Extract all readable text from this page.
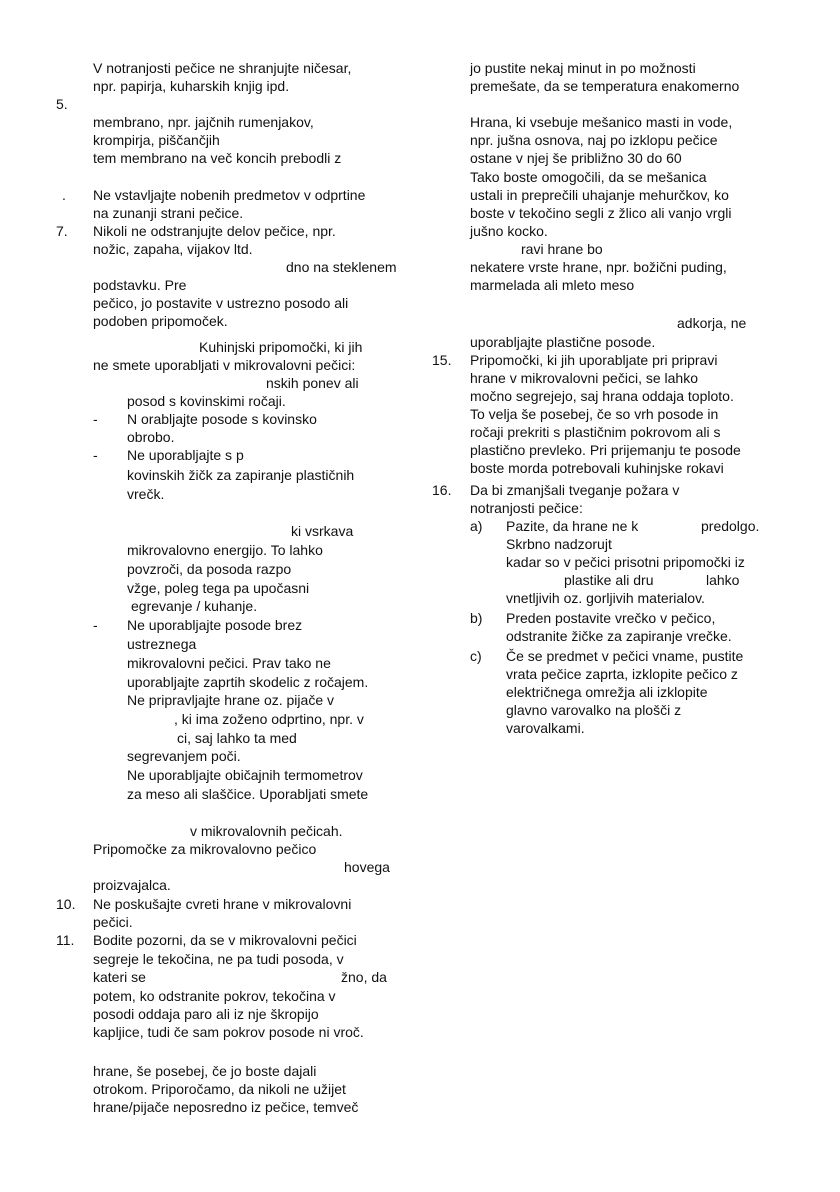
V notranjosti pečice ne shranjujte ničesar,
npr. papirja, kuharskih knjig ipd.
membrano, npr. jajčnih rumenjakov,
krompirja, piščančjih
tem membrano na več koncih prebodli z
Ne vstavljajte nobenih predmetov v odprtine
na zunanji strani pečice.
Nikoli ne odstranjujte delov pečice, npr.
nožic, zapaha, vijakov ltd.
dno na steklenem
podstavku. Pre
pečico, jo postavite v ustrezno posodo ali
podoben pripomoček.
Kuhinjski pripomočki, ki jih
ne smete uporabljati v mikrovalovni pečici:
nskih ponev ali
posod s kovinskimi ročaji.
N orabljajte posode s kovinsko
obrobo.
Ne uporabljajte s p
kovinskih žičk za zapiranje plastičnih
vrečk.
ki vsrkava
mikrovalovno energijo. To lahko
povzroči, da posoda razpo
vžge, poleg tega pa upočasni
egrevanje / kuhanje.
Ne uporabljajte posode brez
ustreznega
mikrovalovni pečici. Prav tako ne
uporabljajte zaprtih skodelic z ročajem.
Ne pripravljajte hrane oz. pijače v
, ki ima zoženo odprtino, npr. v
ci, saj lahko ta med
segrevanjem poči.
Ne uporabljajte običajnih termometrov
za meso ali slaščice. Uporabljati smete
v mikrovalovnih pečicah.
Pripomočke za mikrovalovno pečico
hovega
proizvajalca.
Ne poskušajte cvreti hrane v mikrovalovni
pečici.
Bodite pozorni, da se v mikrovalovni pečici
segreje le tekočina, ne pa tudi posoda, v
kateri se	žno, da
potem, ko odstranite pokrov, tekočina v
posodi oddaja paro ali iz nje škropijo
kapljice, tudi če sam pokrov posode ni vroč.
hrane, še posebej, če jo boste dajali
otrokom. Priporočamo, da nikoli ne užijet
hrane/pijače neposredno iz pečice, temveč
5.
.
7.
10.
11.
-
-
-
jo pustite nekaj minut in po možnosti
premešate, da se temperatura enakomerno
Hrana, ki vsebuje mešanico masti in vode,
npr. jušna osnova, naj po izklopu pečice
ostane v njej še približno 30 do 60
Tako boste omogočili, da se mešanica
ustali in preprečili uhajanje mehurčkov, ko
boste v tekočino segli z žlico ali vanjo vrgli
jušno kocko.
ravi hrane bo
nekatere vrste hrane, npr. božični puding,
marmelada ali mleto meso
adkorja, ne
uporabljajte plastične posode.
Pripomočki, ki jih uporabljate pri pripravi
hrane v mikrovalovni pečici, se lahko
močno segrejejo, saj hrana oddaja toploto.
To velja še posebej, če so vrh posode in
ročaji prekriti s plastičnim pokrovom ali s
plastično prevleko. Pri prijemanju te posode
boste morda potrebovali kuhinjske rokavi
Da bi zmanjšali tveganje požara v
notranjosti pečice:
Pazite, da hrane ne k	predolgo.
Skrbno nadzorujt
kadar so v pečici prisotni pripomočki iz
plastike ali dru	lahko
vnetljivih oz. gorljivih materialov.
Preden postavite vrečko v pečico,
odstranite žičke za zapiranje vrečke.
Če se predmet v pečici vname, pustite
vrata pečice zaprta, izklopite pečico z
električnega omrežja ali izklopite
glavno varovalko na plošči z
varovalkami.
15.
16.
a)
b)
c)
